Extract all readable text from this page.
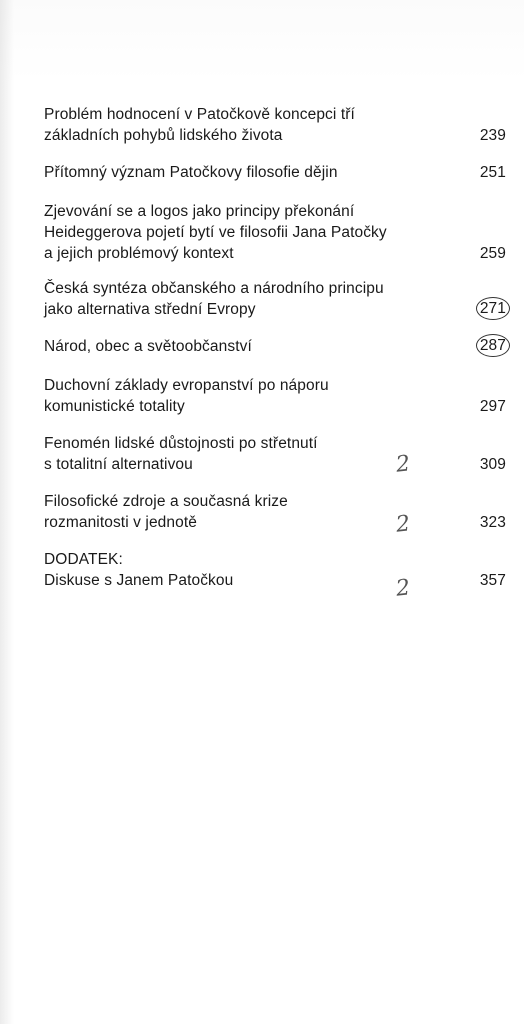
Problém hodnocení v Patočkově koncepci tří
základních pohybů lidského života	239
Přítomný význam Patočkovy filosofie dějin	251
Zjevování se a logos jako principy překonání
Heideggerova pojetí bytí ve filosofii Jana Patočky
a jejich problémový kontext	259
Česká syntéza občanského a národního principu
jako alternativa střední Evropy	271
Národ, obec a světoobčanství	287
Duchovní základy evropanství po náporu
komunistické totality	297
Fenomén lidské důstojnosti po střetnutí
s totalitní alternativou	309
Filosofické zdroje a současná krize
rozmanitosti v jednotě	323
DODATEK:
Diskuse s Janem Patočkou	357
2
2
2
